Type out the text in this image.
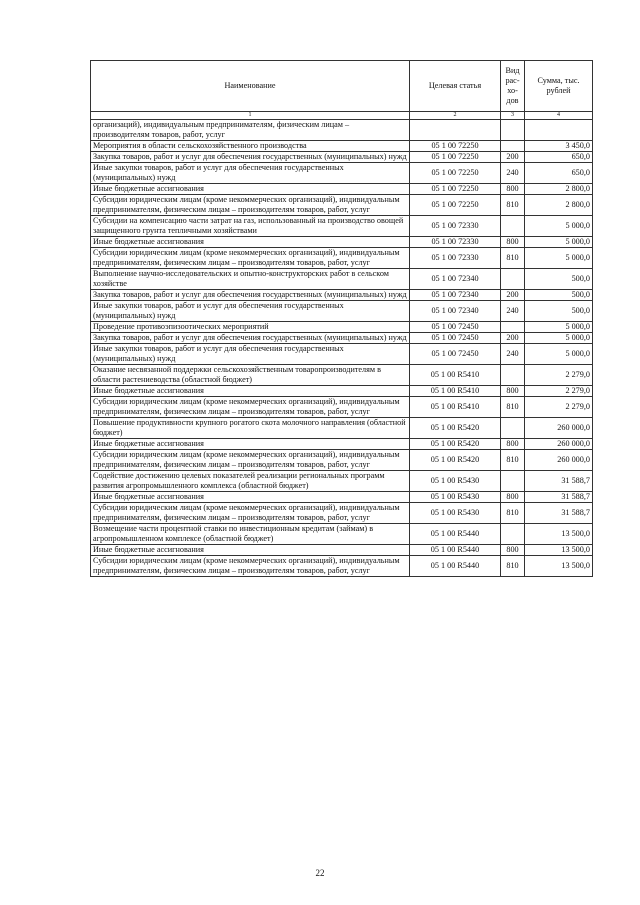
Наименование	Целевая статья	Вид рас- хо- дов	Сумма, тыс. рублей
1	2	3	4
организаций), индивидуальным предпринимателям, физическим лицам – производителям товаров, работ, услуг			
Мероприятия в области сельскохозяйственного производства	05 1 00 72250		3 450,0
Закупка товаров, работ и услуг для обеспечения государственных (муниципальных) нужд	05 1 00 72250	200	650,0
Иные закупки товаров, работ и услуг для обеспечения государственных (муниципальных) нужд	05 1 00 72250	240	650,0
Иные бюджетные ассигнования	05 1 00 72250	800	2 800,0
Субсидии юридическим лицам (кроме некоммерческих организаций), индивидуальным предпринимателям, физическим лицам – производителям товаров, работ, услуг	05 1 00 72250	810	2 800,0
Субсидии на компенсацию части затрат на газ, использованный на производство овощей защищенного грунта тепличными хозяйствами	05 1 00 72330		5 000,0
Иные бюджетные ассигнования	05 1 00 72330	800	5 000,0
Субсидии юридическим лицам (кроме некоммерческих организаций), индивидуальным предпринимателям, физическим лицам – производителям товаров, работ, услуг	05 1 00 72330	810	5 000,0
Выполнение научно-исследовательских и опытно-конструкторских работ в сельском хозяйстве	05 1 00 72340		500,0
Закупка товаров, работ и услуг для обеспечения государственных (муниципальных) нужд	05 1 00 72340	200	500,0
Иные закупки товаров, работ и услуг для обеспечения государственных (муниципальных) нужд	05 1 00 72340	240	500,0
Проведение противоэпизоотических мероприятий	05 1 00 72450		5 000,0
Закупка товаров, работ и услуг для обеспечения государственных (муниципальных) нужд	05 1 00 72450	200	5 000,0
Иные закупки товаров, работ и услуг для обеспечения государственных (муниципальных) нужд	05 1 00 72450	240	5 000,0
Оказание несвязанной поддержки сельскохозяйственным товаропроизводителям в области растениеводства (областной бюджет)	05 1 00 R5410		2 279,0
Иные бюджетные ассигнования	05 1 00 R5410	800	2 279,0
Субсидии юридическим лицам (кроме некоммерческих организаций), индивидуальным предпринимателям, физическим лицам – производителям товаров, работ, услуг	05 1 00 R5410	810	2 279,0
Повышение продуктивности крупного рогатого скота молочного направления (областной бюджет)	05 1 00 R5420		260 000,0
Иные бюджетные ассигнования	05 1 00 R5420	800	260 000,0
Субсидии юридическим лицам (кроме некоммерческих организаций), индивидуальным предпринимателям, физическим лицам – производителям товаров, работ, услуг	05 1 00 R5420	810	260 000,0
Содействие достижению целевых показателей реализации региональных программ развития агропромышленного комплекса (областной бюджет)	05 1 00 R5430		31 588,7
Иные бюджетные ассигнования	05 1 00 R5430	800	31 588,7
Субсидии юридическим лицам (кроме некоммерческих организаций), индивидуальным предпринимателям, физическим лицам – производителям товаров, работ, услуг	05 1 00 R5430	810	31 588,7
Возмещение части процентной ставки по инвестиционным кредитам (займам) в агропромышленном комплексе (областной бюджет)	05 1 00 R5440		13 500,0
Иные бюджетные ассигнования	05 1 00 R5440	800	13 500,0
Субсидии юридическим лицам (кроме некоммерческих организаций), индивидуальным предпринимателям, физическим лицам – производителям товаров, работ, услуг	05 1 00 R5440	810	13 500,0
22
